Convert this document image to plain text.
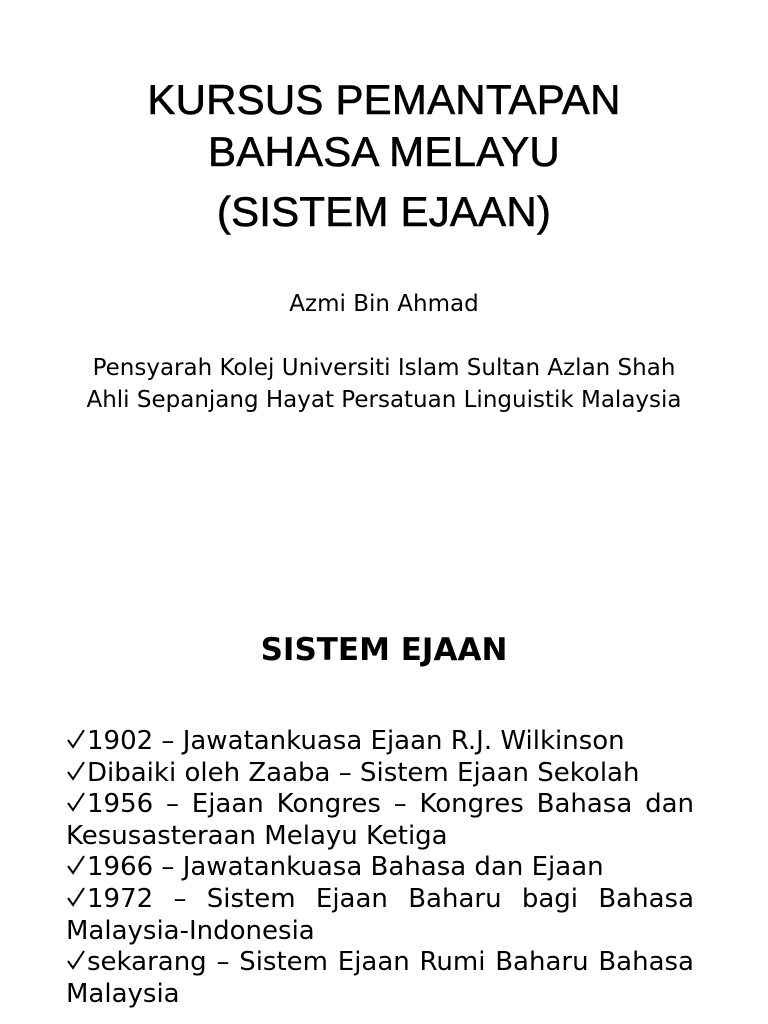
KURSUS PEMANTAPAN
BAHASA MELAYU
(SISTEM EJAAN)
Azmi Bin Ahmad
Pensyarah Kolej Universiti Islam Sultan Azlan Shah
Ahli Sepanjang Hayat Persatuan Linguistik Malaysia
SISTEM EJAAN
1902 – Jawatankuasa Ejaan R.J. Wilkinson
Dibaiki oleh Zaaba – Sistem Ejaan Sekolah
1956 – Ejaan Kongres – Kongres Bahasa dan Kesusasteraan Melayu Ketiga
1966 – Jawatankuasa Bahasa dan Ejaan
1972 – Sistem Ejaan Baharu bagi Bahasa Malaysia-Indonesia
sekarang – Sistem Ejaan Rumi Baharu Bahasa Malaysia
